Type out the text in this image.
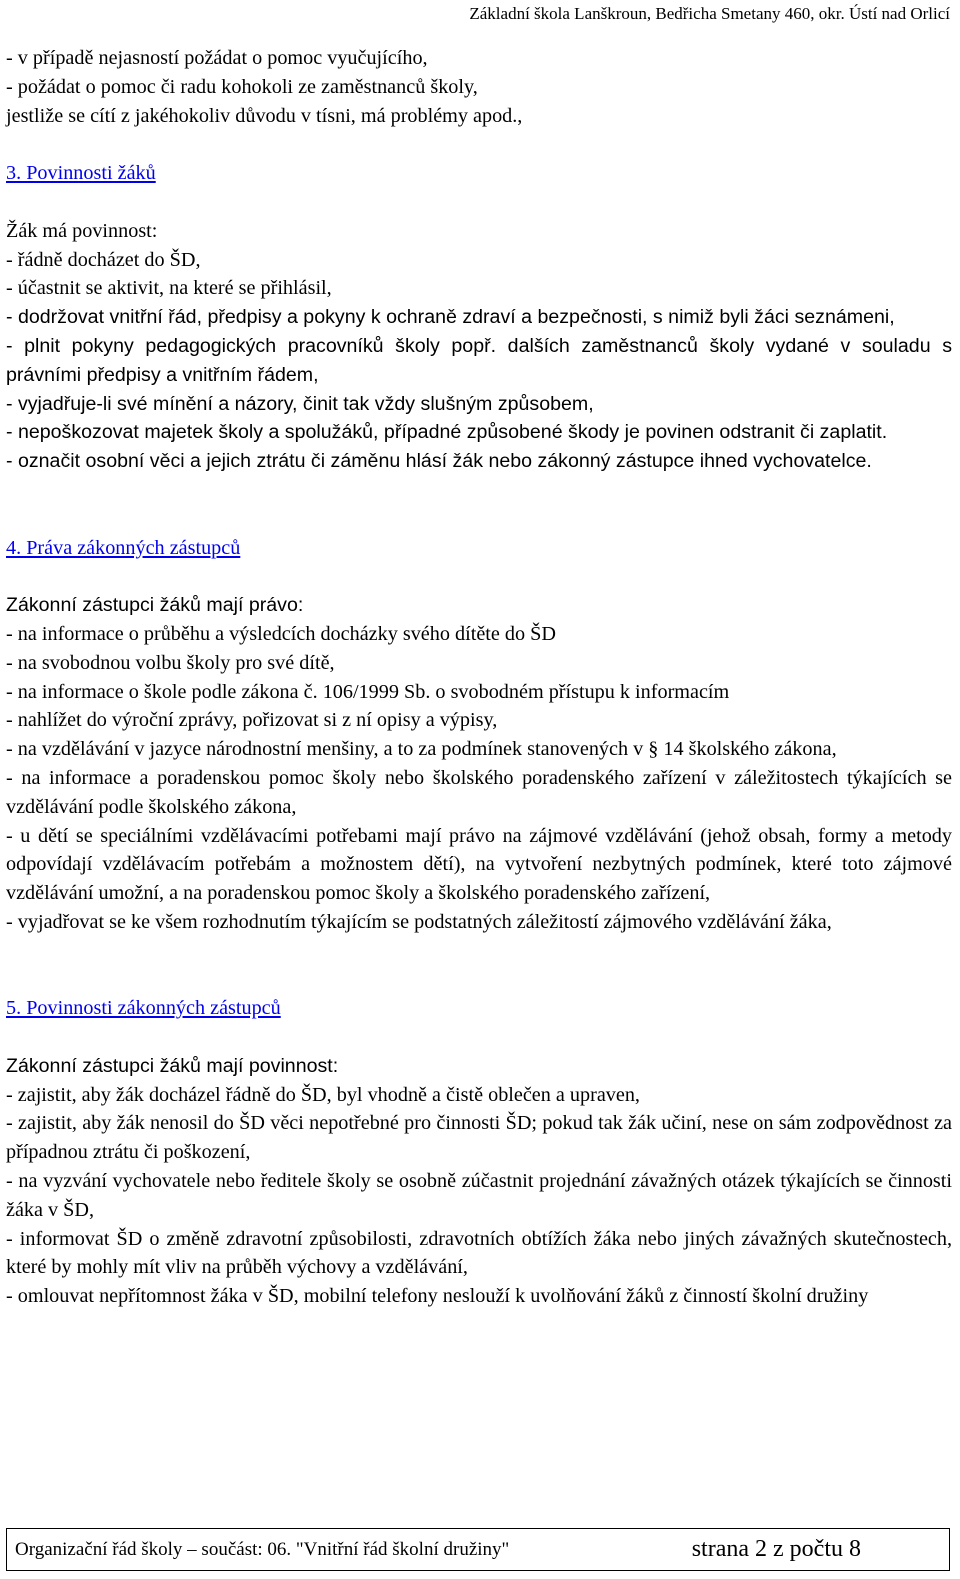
Základní škola Lanškroun, Bedřicha Smetany 460, okr. Ústí nad Orlicí

- v případě nejasností požádat o pomoc vyučujícího,

- požádat o pomoc či radu kohokoli ze zaměstnanců školy,

jestliže se cítí z jakéhokoliv důvodu v tísni, má problémy apod.,

3. Povinnosti žáků

Žák má povinnost:

- řádně docházet do ŠD,

- účastnit se aktivit, na které se přihlásil,

- dodržovat vnitřní řád, předpisy a pokyny k ochraně zdraví a bezpečnosti, s nimiž byli žáci seznámeni,

- plnit pokyny pedagogických pracovníků školy popř. dalších zaměstnanců školy vydané v souladu s právními předpisy a vnitřním řádem,

- vyjadřuje-li své mínění a názory, činit tak vždy slušným způsobem,

- nepoškozovat majetek školy a spolužáků, případné způsobené škody je povinen odstranit či zaplatit.

- označit osobní věci a jejich ztrátu či záměnu hlásí žák nebo zákonný zástupce ihned vychovatelce.

4. Práva zákonných zástupců

Zákonní zástupci žáků mají právo:

- na informace o průběhu a výsledcích docházky svého dítěte do ŠD

- na svobodnou volbu školy pro své dítě,

- na informace o škole podle zákona č. 106/1999 Sb. o svobodném přístupu k informacím

- nahlížet do výroční zprávy, pořizovat si z ní opisy a výpisy,

- na vzdělávání v jazyce národnostní menšiny, a to za podmínek stanovených v § 14 školského zákona,

- na informace a poradenskou pomoc školy nebo školského poradenského zařízení v záležitostech týkajících se vzdělávání podle školského zákona,

- u dětí se speciálními vzdělávacími potřebami mají právo na zájmové vzdělávání (jehož obsah, formy a metody odpovídají vzdělávacím potřebám a možnostem dětí), na vytvoření nezbytných podmínek, které toto zájmové vzdělávání umožní, a na poradenskou pomoc školy a školského poradenského zařízení,

- vyjadřovat se ke všem rozhodnutím týkajícím se podstatných záležitostí zájmového vzdělávání žáka,

5. Povinnosti zákonných zástupců

Zákonní zástupci žáků mají povinnost:

- zajistit, aby žák docházel řádně do ŠD, byl vhodně a čistě oblečen a upraven,

- zajistit, aby žák nenosil do ŠD věci nepotřebné pro činnosti ŠD; pokud tak žák učiní, nese on sám zodpovědnost za případnou ztrátu či poškození,

- na vyzvání vychovatele nebo ředitele školy se osobně zúčastnit projednání závažných otázek týkajících se činnosti žáka v ŠD,

- informovat ŠD o změně zdravotní způsobilosti, zdravotních obtížích žáka nebo jiných závažných skutečnostech, které by mohly mít vliv na průběh výchovy a vzdělávání,

- omlouvat nepřítomnost žáka v ŠD, mobilní telefony neslouží k uvolňování žáků z činností školní družiny

Organizační řád školy – součást: 06. "Vnitřní řád školní družiny"	strana 2 z počtu 8
